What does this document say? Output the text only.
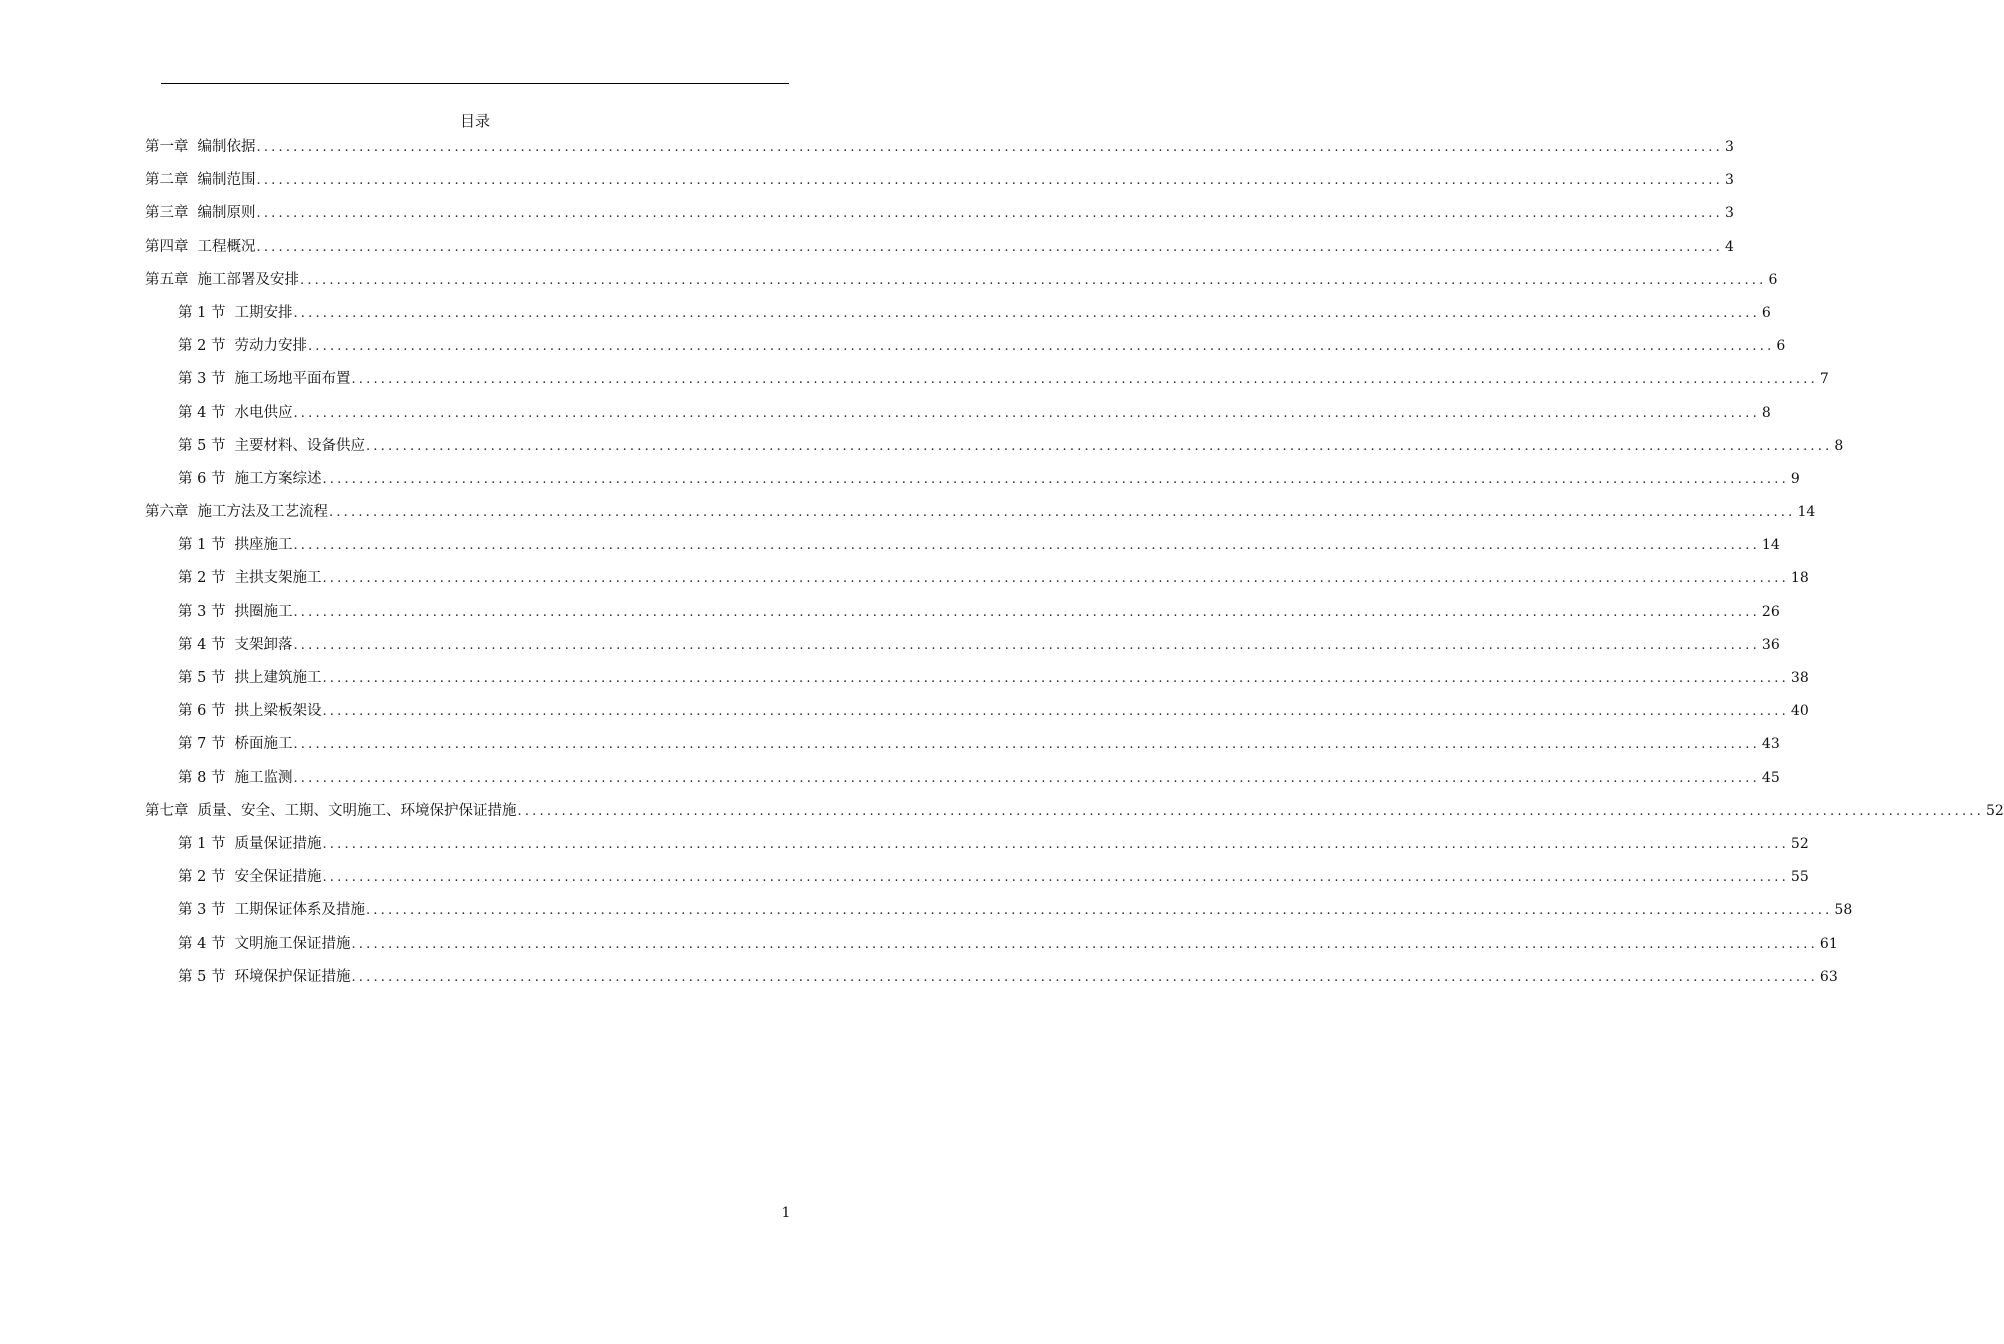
目录
第一章 编制依据 ........................................................................................................................................................................................................ 3
第二章 编制范围 ........................................................................................................................................................................................................ 3
第三章 编制原则 ........................................................................................................................................................................................................ 3
第四章 工程概况 ........................................................................................................................................................................................................ 4
第五章 施工部署及安排 ........................................................................................................................................................................................................ 6
第 1 节 工期安排 ........................................................................................................................................................................................................ 6
第 2 节 劳动力安排 ........................................................................................................................................................................................................ 6
第 3 节 施工场地平面布置 ........................................................................................................................................................................................................ 7
第 4 节 水电供应 ........................................................................................................................................................................................................ 8
第 5 节 主要材料、设备供应 ........................................................................................................................................................................................................ 8
第 6 节 施工方案综述 ........................................................................................................................................................................................................ 9
第六章 施工方法及工艺流程 ........................................................................................................................................................................................................ 14
第 1 节 拱座施工 ........................................................................................................................................................................................................ 14
第 2 节 主拱支架施工 ........................................................................................................................................................................................................ 18
第 3 节 拱圈施工 ........................................................................................................................................................................................................ 26
第 4 节 支架卸落 ........................................................................................................................................................................................................ 36
第 5 节 拱上建筑施工 ........................................................................................................................................................................................................ 38
第 6 节 拱上梁板架设 ........................................................................................................................................................................................................ 40
第 7 节 桥面施工 ........................................................................................................................................................................................................ 43
第 8 节 施工监测 ........................................................................................................................................................................................................ 45
第七章 质量、安全、工期、文明施工、环境保护保证措施 ........................................................................................................................................................................................................ 52
第 1 节 质量保证措施 ........................................................................................................................................................................................................ 52
第 2 节 安全保证措施 ........................................................................................................................................................................................................ 55
第 3 节 工期保证体系及措施 ........................................................................................................................................................................................................ 58
第 4 节 文明施工保证措施 ........................................................................................................................................................................................................ 61
第 5 节 环境保护保证措施 ........................................................................................................................................................................................................ 63
1
